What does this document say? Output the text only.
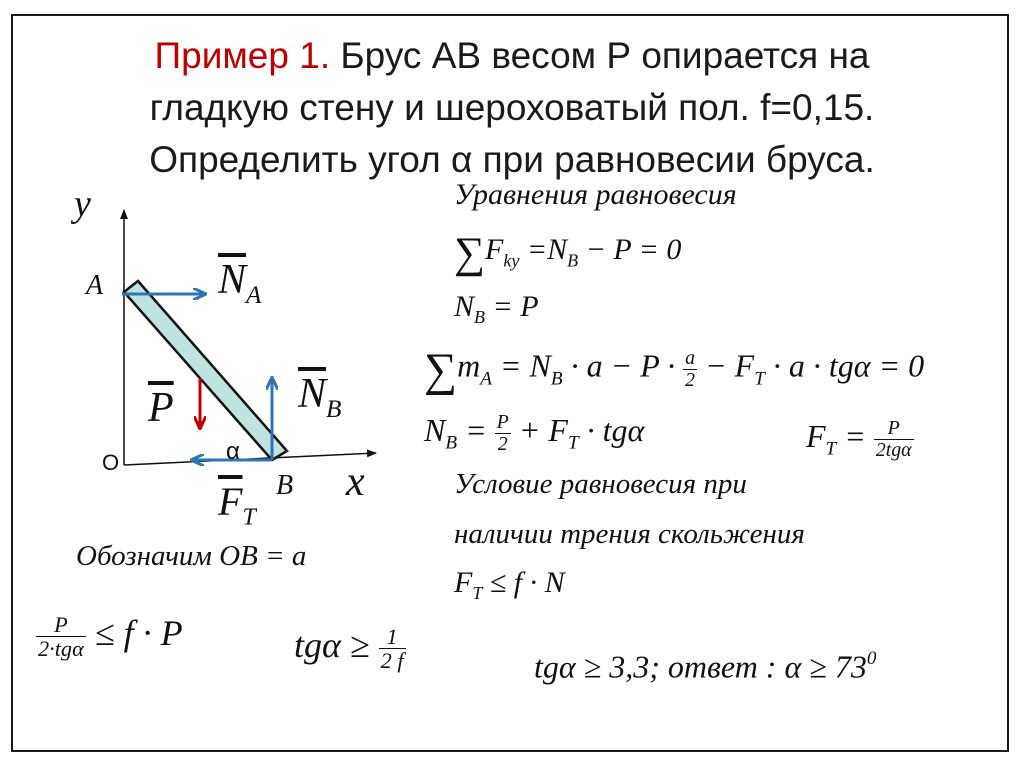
Пример 1. Брус АВ весом Р опирается на
гладкую стену и шероховатый пол. f=0,15.
Определить угол α при равновесии бруса.
y
x
A
B
O	α
$\overline{N}_A$
$\overline{N}_B$
$\overline{P}$
$\overline{F}_T$
Уравнения равновесия
$\sum F_{ky} =N_B - P = 0$
$N_B = P$
$\sum m_A = N_B \cdot a - P \cdot \frac{a}{2} - F_T \cdot a \cdot tg\alpha = 0$
$N_B = \frac{P}{2} + F_T \cdot tg\alpha$	$F_T = \frac{P}{\text{2tgα}}$
Условие равновесия при
наличии трения скольжения
$F_T \le f \cdot N$
Обозначим OB = a
$\frac{P}{\text{2·tgα}} \le f \cdot P$	$tg\alpha \ge \frac{1}{2 f}$	tgα ≥ 3,3; ответ : $\alpha \ge 73^0$
